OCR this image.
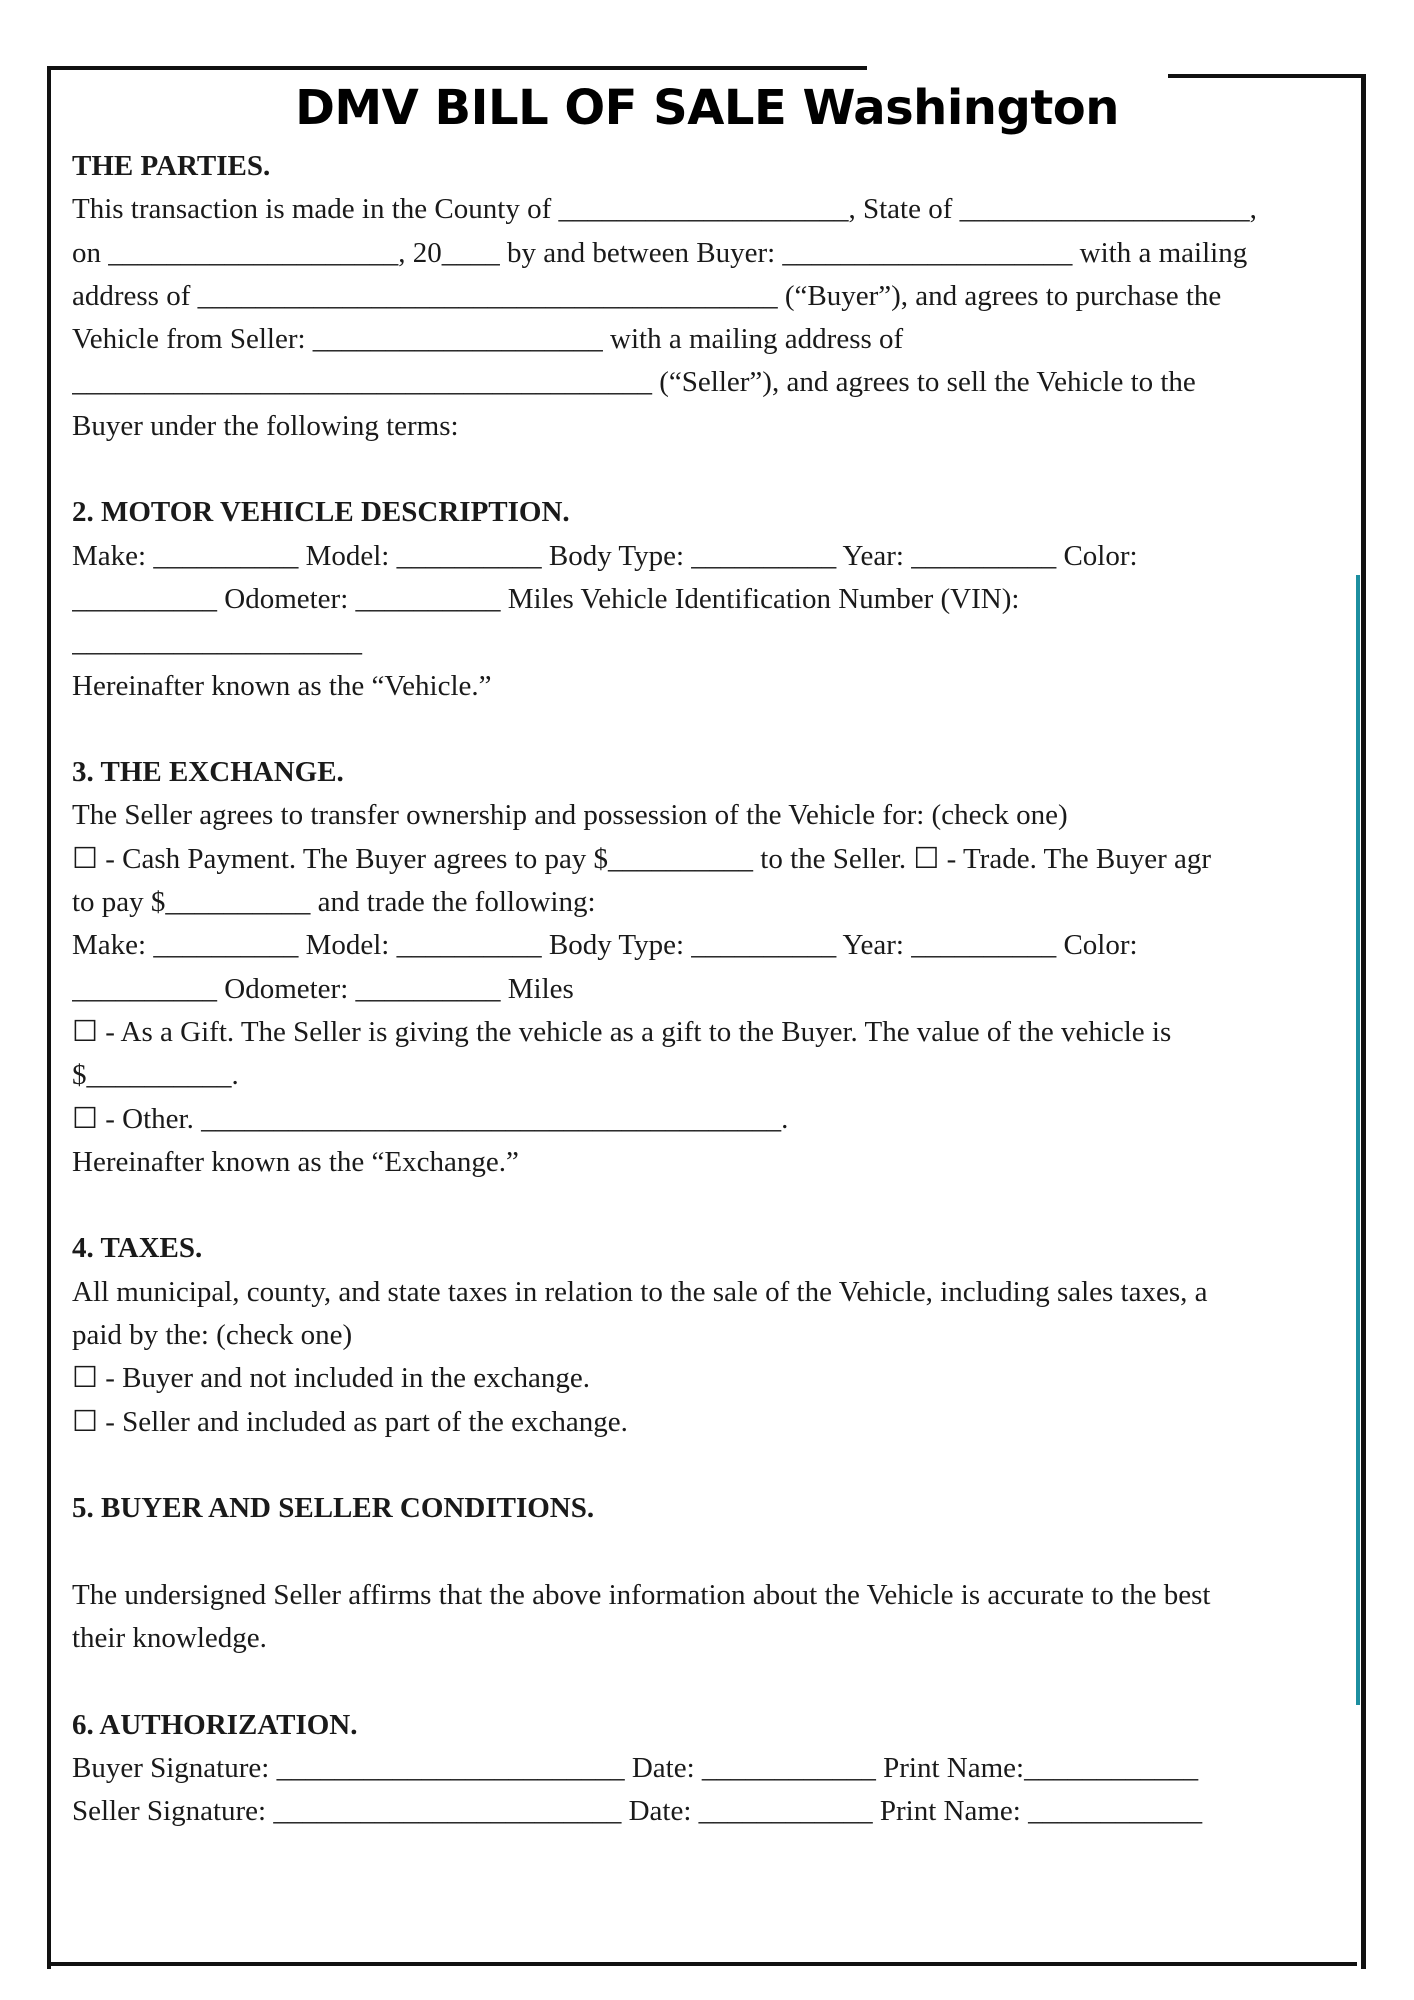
DMV BILL OF SALE Washington
THE PARTIES.
This transaction is made in the County of ____________________, State of ____________________,
on ____________________, 20____ by and between Buyer: ____________________ with a mailing
address of ________________________________________ (“Buyer”), and agrees to purchase the
Vehicle from Seller: ____________________ with a mailing address of
________________________________________ (“Seller”), and agrees to sell the Vehicle to the
Buyer under the following terms:
2. MOTOR VEHICLE DESCRIPTION.
Make: __________ Model: __________ Body Type: __________ Year: __________ Color:
__________ Odometer: __________ Miles Vehicle Identification Number (VIN):
____________________
Hereinafter known as the “Vehicle.”
3. THE EXCHANGE.
The Seller agrees to transfer ownership and possession of the Vehicle for: (check one)
☐ - Cash Payment. The Buyer agrees to pay $__________ to the Seller. ☐ - Trade. The Buyer agr
to pay $__________ and trade the following:
Make: __________ Model: __________ Body Type: __________ Year: __________ Color:
__________ Odometer: __________ Miles
☐ - As a Gift. The Seller is giving the vehicle as a gift to the Buyer. The value of the vehicle is
$__________.
☐ - Other. ________________________________________.
Hereinafter known as the “Exchange.”
4. TAXES.
All municipal, county, and state taxes in relation to the sale of the Vehicle, including sales taxes, a
paid by the: (check one)
☐ - Buyer and not included in the exchange.
☐ - Seller and included as part of the exchange.
5. BUYER AND SELLER CONDITIONS.
The undersigned Seller affirms that the above information about the Vehicle is accurate to the best
their knowledge.
6. AUTHORIZATION.
Buyer Signature: ________________________ Date: ____________ Print Name:____________
Seller Signature: ________________________ Date: ____________ Print Name: ____________
